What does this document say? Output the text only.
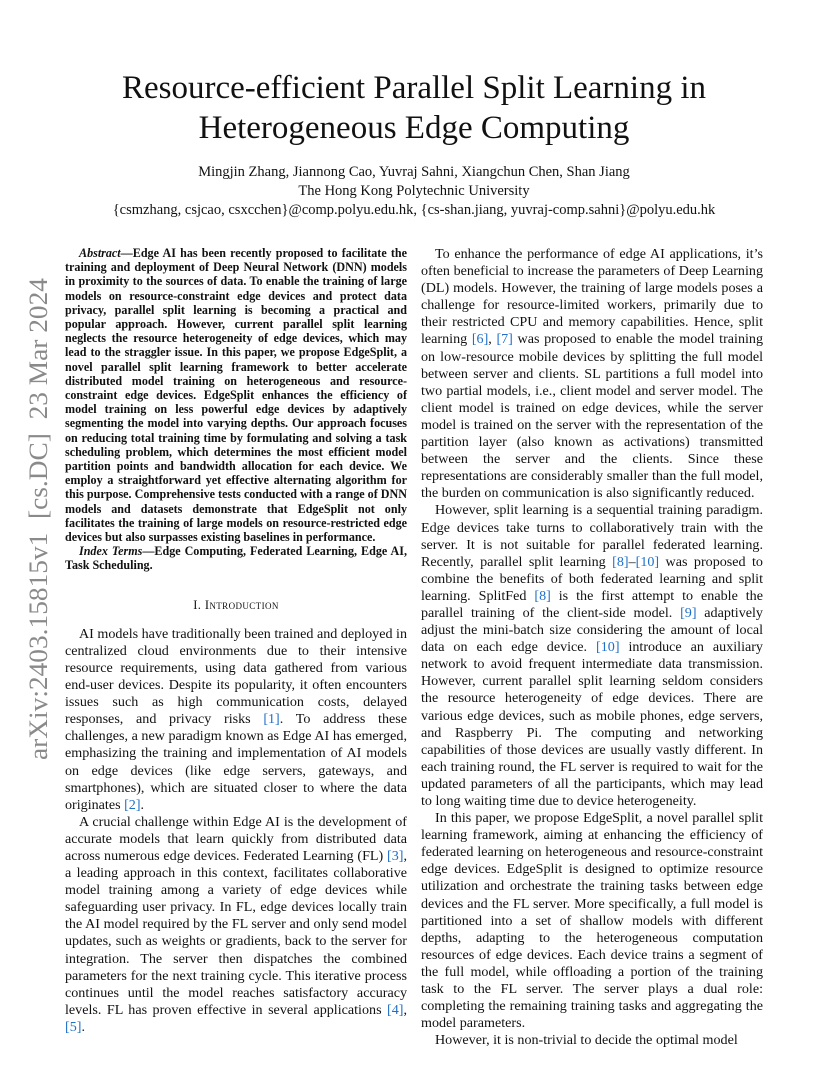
arXiv:2403.15815v1  [cs.DC]  23 Mar 2024
Resource-efficient Parallel Split Learning in
Heterogeneous Edge Computing
Mingjin Zhang, Jiannong Cao, Yuvraj Sahni, Xiangchun Chen, Shan Jiang
The Hong Kong Polytechnic University
{csmzhang, csjcao, csxcchen}@comp.polyu.edu.hk, {cs-shan.jiang, yuvraj-comp.sahni}@polyu.edu.hk

Abstract—Edge AI has been recently proposed to facilitate the training and deployment of Deep Neural Network (DNN) models in proximity to the sources of data. To enable the training of large models on resource-constraint edge devices and protect data privacy, parallel split learning is becoming a practical and popular approach. However, current parallel split learning neglects the resource heterogeneity of edge devices, which may lead to the straggler issue. In this paper, we propose EdgeSplit, a novel parallel split learning framework to better accelerate distributed model training on heterogeneous and resource-constraint edge devices. EdgeSplit enhances the efficiency of model training on less powerful edge devices by adaptively segmenting the model into varying depths. Our approach focuses on reducing total training time by formulating and solving a task scheduling problem, which determines the most efficient model partition points and bandwidth allocation for each device. We employ a straightforward yet effective alternating algorithm for this purpose. Comprehensive tests conducted with a range of DNN models and datasets demonstrate that EdgeSplit not only facilitates the training of large models on resource-restricted edge devices but also surpasses existing baselines in performance.

Index Terms—Edge Computing, Federated Learning, Edge AI, Task Scheduling.

I. Introduction

AI models have traditionally been trained and deployed in centralized cloud environments due to their intensive resource requirements, using data gathered from various end-user devices. Despite its popularity, it often encounters issues such as high communication costs, delayed responses, and privacy risks [1]. To address these challenges, a new paradigm known as Edge AI has emerged, emphasizing the training and implementation of AI models on edge devices (like edge servers, gateways, and smartphones), which are situated closer to where the data originates [2].

A crucial challenge within Edge AI is the development of accurate models that learn quickly from distributed data across numerous edge devices. Federated Learning (FL) [3], a leading approach in this context, facilitates collaborative model training among a variety of edge devices while safeguarding user privacy. In FL, edge devices locally train the AI model required by the FL server and only send model updates, such as weights or gradients, back to the server for integration. The server then dispatches the combined parameters for the next training cycle. This iterative process continues until the model reaches satisfactory accuracy levels. FL has proven effective in several applications [4], [5].

To enhance the performance of edge AI applications, it’s often beneficial to increase the parameters of Deep Learning (DL) models. However, the training of large models poses a challenge for resource-limited workers, primarily due to their restricted CPU and memory capabilities. Hence, split learning [6], [7] was proposed to enable the model training on low-resource mobile devices by splitting the full model between server and clients. SL partitions a full model into two partial models, i.e., client model and server model. The client model is trained on edge devices, while the server model is trained on the server with the representation of the partition layer (also known as activations) transmitted between the server and the clients. Since these representations are considerably smaller than the full model, the burden on communication is also significantly reduced.

However, split learning is a sequential training paradigm. Edge devices take turns to collaboratively train with the server. It is not suitable for parallel federated learning. Recently, parallel split learning [8]–[10] was proposed to combine the benefits of both federated learning and split learning. SplitFed [8] is the first attempt to enable the parallel training of the client-side model. [9] adaptively adjust the mini-batch size considering the amount of local data on each edge device. [10] introduce an auxiliary network to avoid frequent intermediate data transmission. However, current parallel split learning seldom considers the resource heterogeneity of edge devices. There are various edge devices, such as mobile phones, edge servers, and Raspberry Pi. The computing and networking capabilities of those devices are usually vastly different. In each training round, the FL server is required to wait for the updated parameters of all the participants, which may lead to long waiting time due to device heterogeneity.

In this paper, we propose EdgeSplit, a novel parallel split learning framework, aiming at enhancing the efficiency of federated learning on heterogeneous and resource-constraint edge devices. EdgeSplit is designed to optimize resource utilization and orchestrate the training tasks between edge devices and the FL server. More specifically, a full model is partitioned into a set of shallow models with different depths, adapting to the heterogeneous computation resources of edge devices. Each device trains a segment of the full model, while offloading a portion of the training task to the FL server. The server plays a dual role: completing the remaining training tasks and aggregating the model parameters.

However, it is non-trivial to decide the optimal model
